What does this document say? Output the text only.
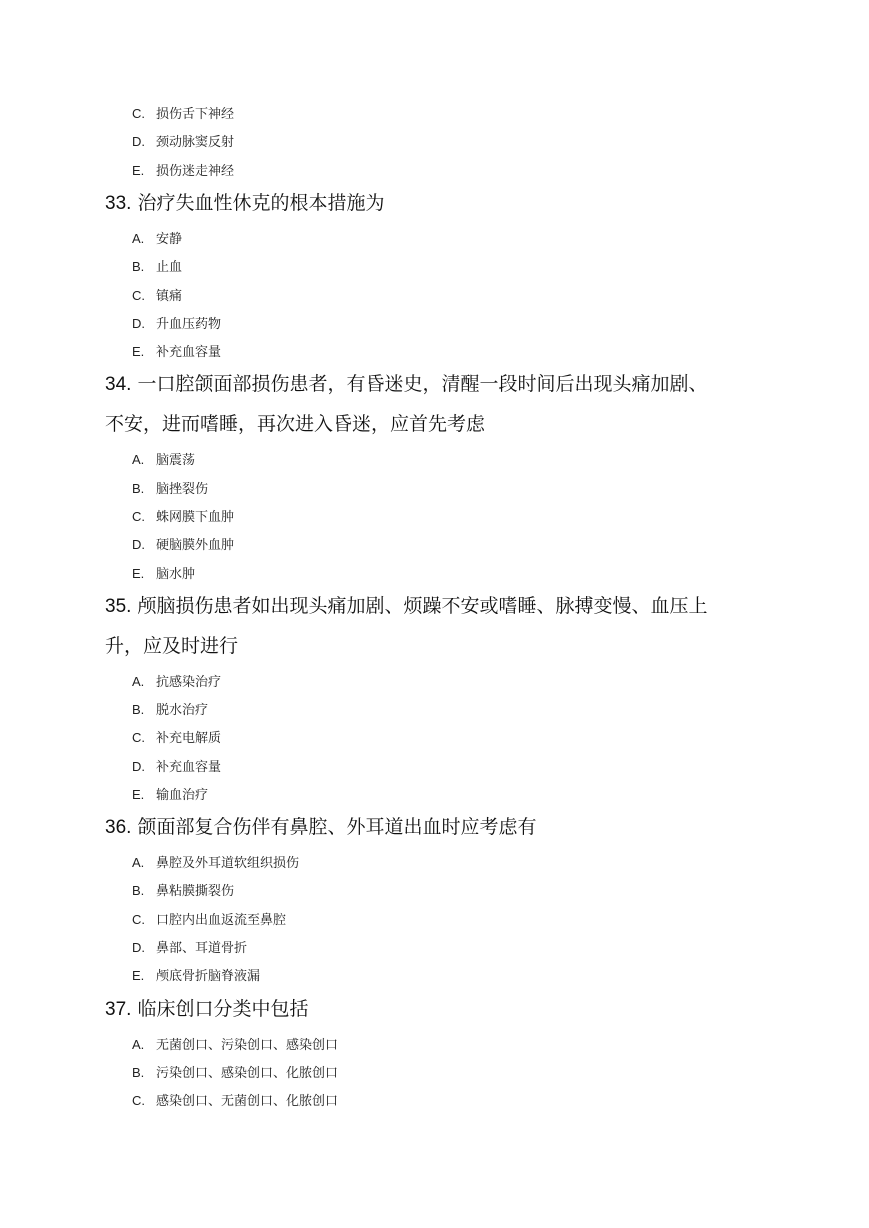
C. 损伤舌下神经
D. 颈动脉窦反射
E. 损伤迷走神经
33. 治疗失血性休克的根本措施为
A. 安静
B. 止血
C. 镇痛
D. 升血压药物
E. 补充血容量
34. 一口腔颌面部损伤患者，有昏迷史，清醒一段时间后出现头痛加剧、
不安，进而嗜睡，再次进入昏迷，应首先考虑
A. 脑震荡
B. 脑挫裂伤
C. 蛛网膜下血肿
D. 硬脑膜外血肿
E. 脑水肿
35. 颅脑损伤患者如出现头痛加剧、烦躁不安或嗜睡、脉搏变慢、血压上
升，应及时进行
A. 抗感染治疗
B. 脱水治疗
C. 补充电解质
D. 补充血容量
E. 输血治疗
36. 颌面部复合伤伴有鼻腔、外耳道出血时应考虑有
A. 鼻腔及外耳道软组织损伤
B. 鼻粘膜撕裂伤
C. 口腔内出血返流至鼻腔
D. 鼻部、耳道骨折
E. 颅底骨折脑脊液漏
37. 临床创口分类中包括
A. 无菌创口、污染创口、感染创口
B. 污染创口、感染创口、化脓创口
C. 感染创口、无菌创口、化脓创口
